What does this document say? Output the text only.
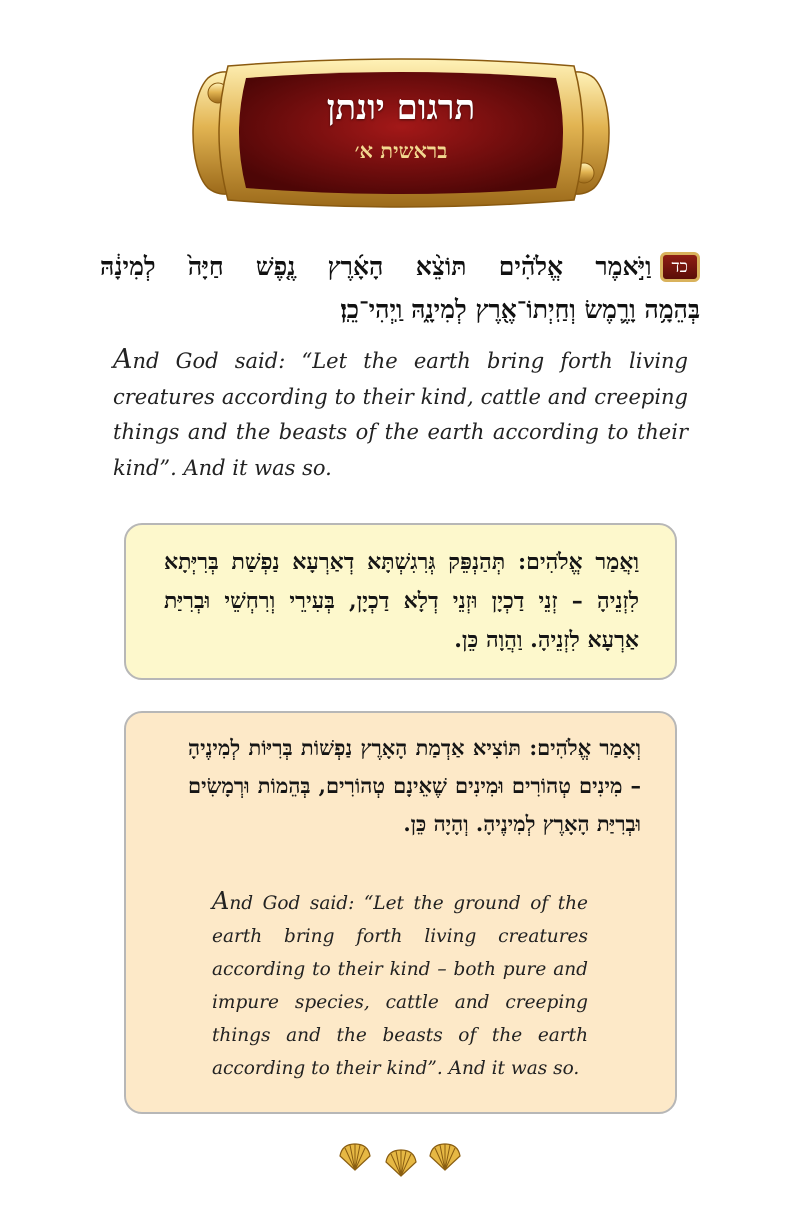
תרגום יונתן
בראשית א׳
כדוַיֹּ֣אמֶר אֱלֹהִ֗ים תּוֹצֵ֨א הָאָ֜רֶץ נֶ֤פֶשׁ חַיָּה֙ לְמִינָ֔הּ
בְּהֵמָ֥ה וָרֶ֛מֶשׂ וְחַֽיְתוֹ־אֶ֖רֶץ לְמִינָ֑הּ וַֽיְהִי־כֵֽן׃
And God said: “Let the earth bring forth living creatures according to their kind, cattle and creeping things and the beasts of the earth according to their kind”. And it was so.
וַאֲמַר אֱלֹהִים: תְּהַנְפֵּק גְּרִגִשְׁתָּא דְאַרְעָא נַפְשַׁת בְּרִיְּתָא לִזְנֵיהָ – זְנֵי דַכְיָן וּזְנֵי דְלָא דַכְיָן, בְּעִירֵי וְרִחְשֵׁי וּבְרִיַּת אַרְעָא לִזְנֵיהָ. וַהֲוָה כֵּן.
וְאָמַר אֱלֹהִים: תּוֹצִיא אַדְמַת הָאָרֶץ נַפְשׁוֹת בְּרִיּוֹת לְמִינֶיהָ – מִינִים טְהוֹרִים וּמִינִים שֶׁאֵינָם טְהוֹרִים, בְּהֵמוֹת וּרְמָשִׂים וּבְרִיַּת הָאָרֶץ לְמִינֶיהָ. וְהָיָה כֵּן.
And God said: “Let the ground of the earth bring forth living creatures according to their kind – both pure and impure species, cattle and creeping things and the beasts of the earth according to their kind”. And it was so.
